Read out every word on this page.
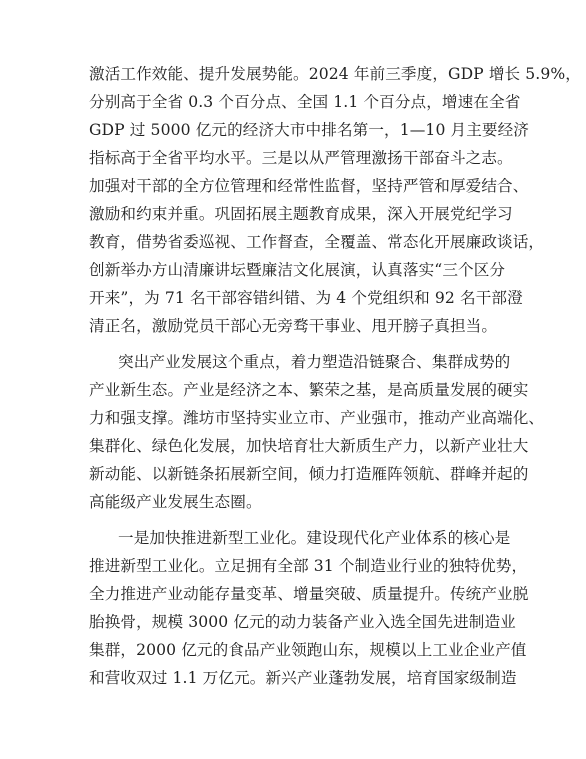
激活工作效能、提升发展势能。2024 年前三季度，GDP 增长 5.9%，
分别高于全省 0.3 个百分点、全国 1.1 个百分点，增速在全省
GDP 过 5000 亿元的经济大市中排名第一，1—10 月主要经济
指标高于全省平均水平。三是以从严管理激扬干部奋斗之志。
加强对干部的全方位管理和经常性监督，坚持严管和厚爱结合、
激励和约束并重。巩固拓展主题教育成果，深入开展党纪学习
教育，借势省委巡视、工作督查，全覆盖、常态化开展廉政谈话，
创新举办方山清廉讲坛暨廉洁文化展演，认真落实“三个区分
开来”，为 71 名干部容错纠错、为 4 个党组织和 92 名干部澄
清正名，激励党员干部心无旁骛干事业、甩开膀子真担当。
突出产业发展这个重点，着力塑造沿链聚合、集群成势的
产业新生态。产业是经济之本、繁荣之基，是高质量发展的硬实
力和强支撑。潍坊市坚持实业立市、产业强市，推动产业高端化、
集群化、绿色化发展，加快培育壮大新质生产力，以新产业壮大
新动能、以新链条拓展新空间，倾力打造雁阵领航、群峰并起的
高能级产业发展生态圈。
一是加快推进新型工业化。建设现代化产业体系的核心是
推进新型工业化。立足拥有全部 31 个制造业行业的独特优势，
全力推进产业动能存量变革、增量突破、质量提升。传统产业脱
胎换骨，规模 3000 亿元的动力装备产业入选全国先进制造业
集群，2000 亿元的食品产业领跑山东，规模以上工业企业产值
和营收双过 1.1 万亿元。新兴产业蓬勃发展，培育国家级制造
